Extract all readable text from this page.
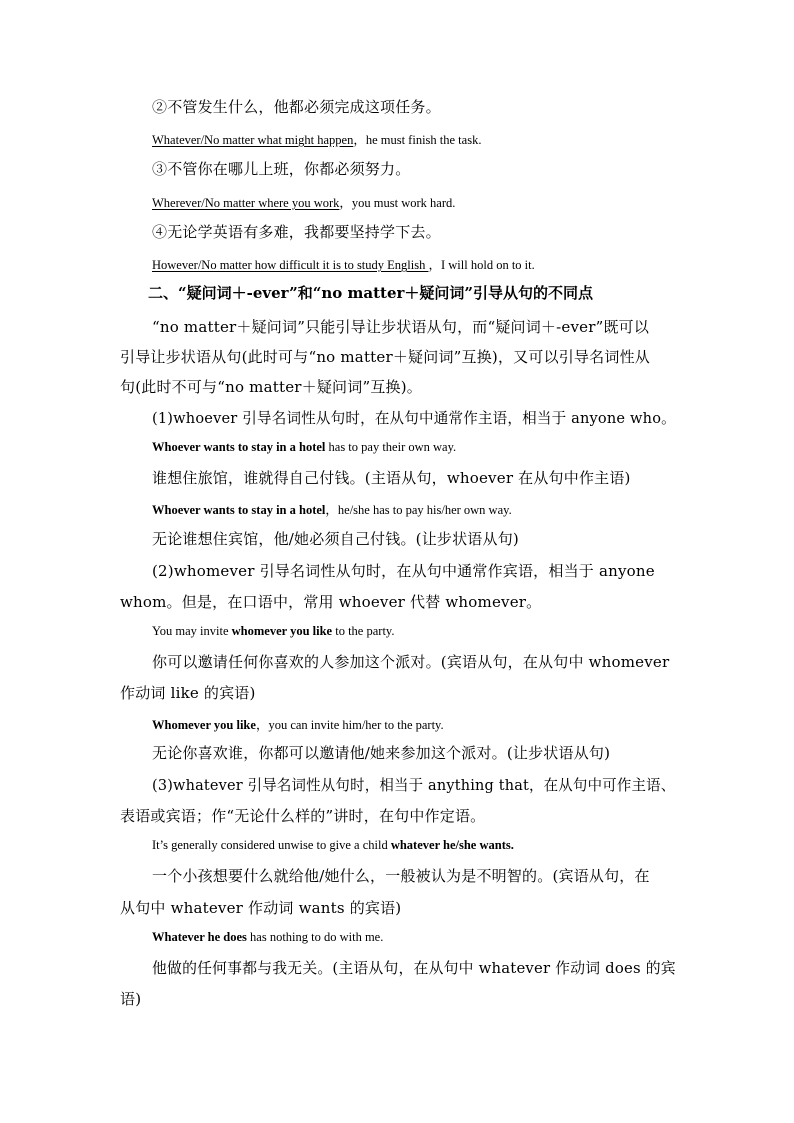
②不管发生什么，他都必须完成这项任务。
Whatever/No matter what might happen，he must finish the task.
③不管你在哪儿上班，你都必须努力。
Wherever/No matter where you work，you must work hard.
④无论学英语有多难，我都要坚持学下去。
However/No matter how difficult it is to study English ，I will hold on to it.
二、“疑问词＋-ever”和“no matter＋疑问词”引导从句的不同点
“no matter＋疑问词”只能引导让步状语从句，而“疑问词＋-ever”既可以
引导让步状语从句(此时可与“no matter＋疑问词”互换)，又可以引导名词性从
句(此时不可与“no matter＋疑问词”互换)。
(1)whoever 引导名词性从句时，在从句中通常作主语，相当于 anyone who。
Whoever wants to stay in a hotel has to pay their own way.
谁想住旅馆，谁就得自己付钱。(主语从句，whoever 在从句中作主语)
Whoever wants to stay in a hotel，he/she has to pay his/her own way.
无论谁想住宾馆，他/她必须自己付钱。(让步状语从句)
(2)whomever 引导名词性从句时，在从句中通常作宾语，相当于 anyone
whom。但是，在口语中，常用 whoever 代替 whomever。
You may invite whomever you like to the party.
你可以邀请任何你喜欢的人参加这个派对。(宾语从句，在从句中 whomever
作动词 like 的宾语)
Whomever you like，you can invite him/her to the party.
无论你喜欢谁，你都可以邀请他/她来参加这个派对。(让步状语从句)
(3)whatever 引导名词性从句时，相当于 anything that，在从句中可作主语、
表语或宾语；作“无论什么样的”讲时，在句中作定语。
It’s generally considered unwise to give a child whatever he/she wants.
一个小孩想要什么就给他/她什么，一般被认为是不明智的。(宾语从句，在
从句中 whatever 作动词 wants 的宾语)
Whatever he does has nothing to do with me.
他做的任何事都与我无关。(主语从句，在从句中 whatever 作动词 does 的宾
语)
